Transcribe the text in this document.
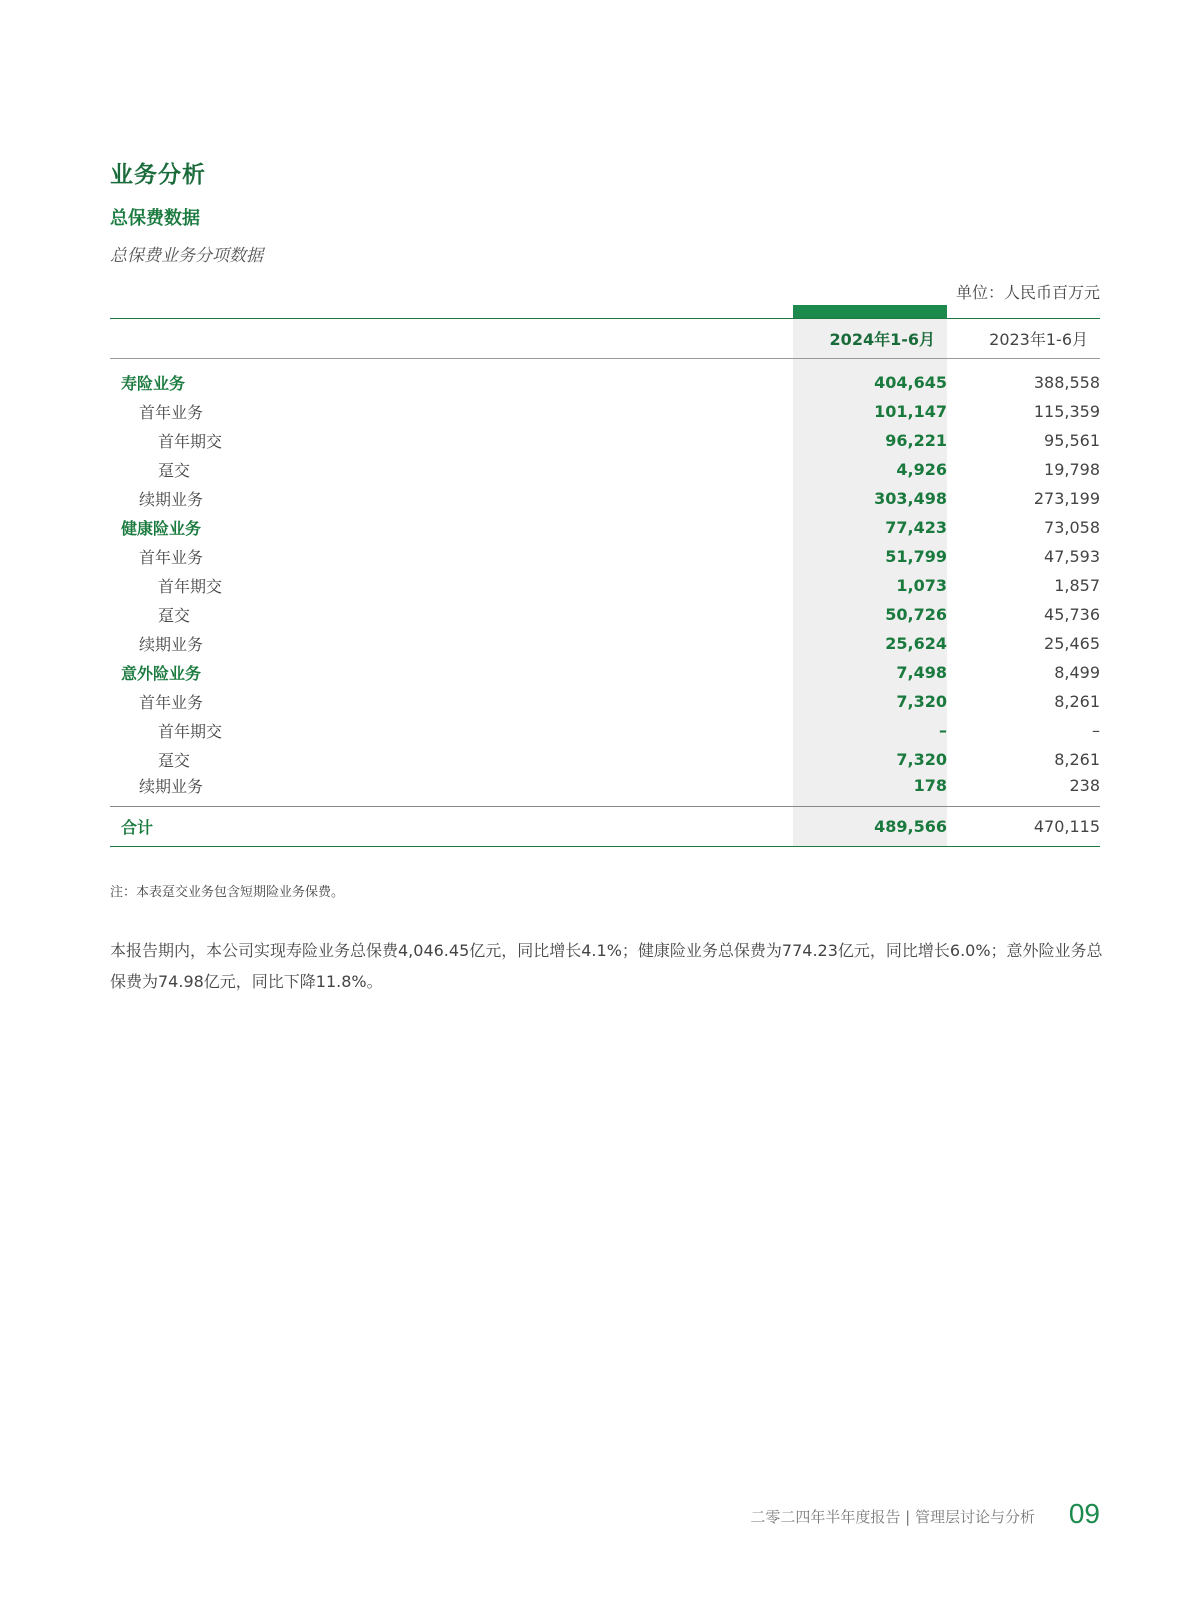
业务分析
总保费数据
总保费业务分项数据
单位：人民币百万元
	2024年1-6月	2023年1-6月
寿险业务	404,645	388,558
首年业务	101,147	115,359
首年期交	96,221	95,561
趸交	4,926	19,798
续期业务	303,498	273,199
健康险业务	77,423	73,058
首年业务	51,799	47,593
首年期交	1,073	1,857
趸交	50,726	45,736
续期业务	25,624	25,465
意外险业务	7,498	8,499
首年业务	7,320	8,261
首年期交	–	–
趸交	7,320	8,261
续期业务	178	238
合计	489,566	470,115
注：本表趸交业务包含短期险业务保费。

本报告期内，本公司实现寿险业务总保费4,046.45亿元，同比增长4.1%；健康险业务总保费为774.23亿元，同比增长6.0%；意外险业务总保费为74.98亿元，同比下降11.8%。

二零二四年半年度报告 | 管理层讨论与分析 09
